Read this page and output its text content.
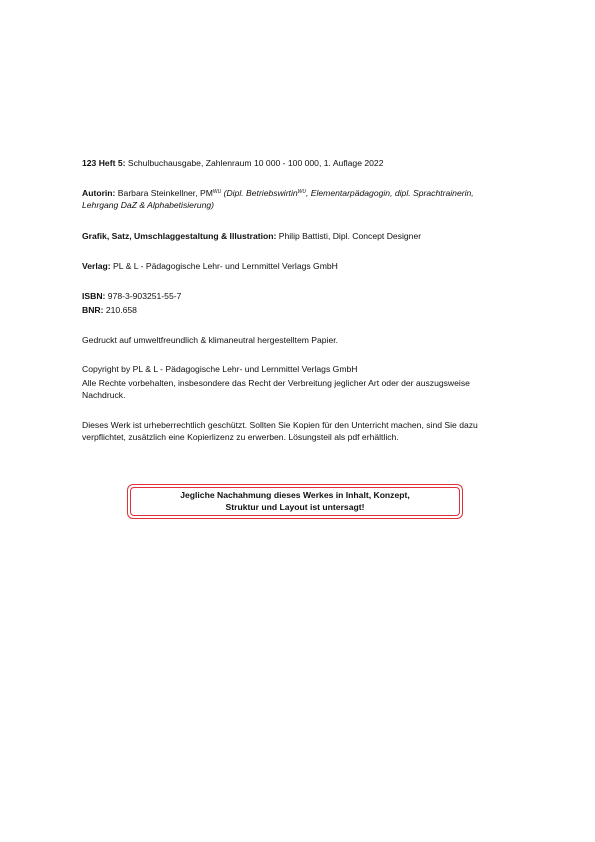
123 Heft 5: Schulbuchausgabe, Zahlenraum 10 000 - 100 000, 1. Auflage 2022

Autorin: Barbara Steinkellner, $PM^{WU}$ (Dipl. Betriebswirtin$^{WU}$, Elementarpädagogin, dipl. Sprachtrainerin, Lehrgang DaZ & Alphabetisierung)

Grafik, Satz, Umschlaggestaltung & Illustration: Philip Battisti, Dipl. Concept Designer

Verlag: PL & L - Pädagogische Lehr- und Lernmittel Verlags GmbH

ISBN: 978-3-903251-55-7

BNR: 210.658

Gedruckt auf umweltfreundlich & klimaneutral hergestelltem Papier.

Copyright by PL & L - Pädagogische Lehr- und Lernmittel Verlags GmbH

Alle Rechte vorbehalten, insbesondere das Recht der Verbreitung jeglicher Art oder der auszugsweise Nachdruck.

Dieses Werk ist urheberrechtlich geschützt. Sollten Sie Kopien für den Unterricht machen, sind Sie dazu verpflichtet, zusätzlich eine Kopierlizenz zu erwerben. Lösungsteil als pdf erhältlich.

Jegliche Nachahmung dieses Werkes in Inhalt, Konzept,
Struktur und Layout ist untersagt!
